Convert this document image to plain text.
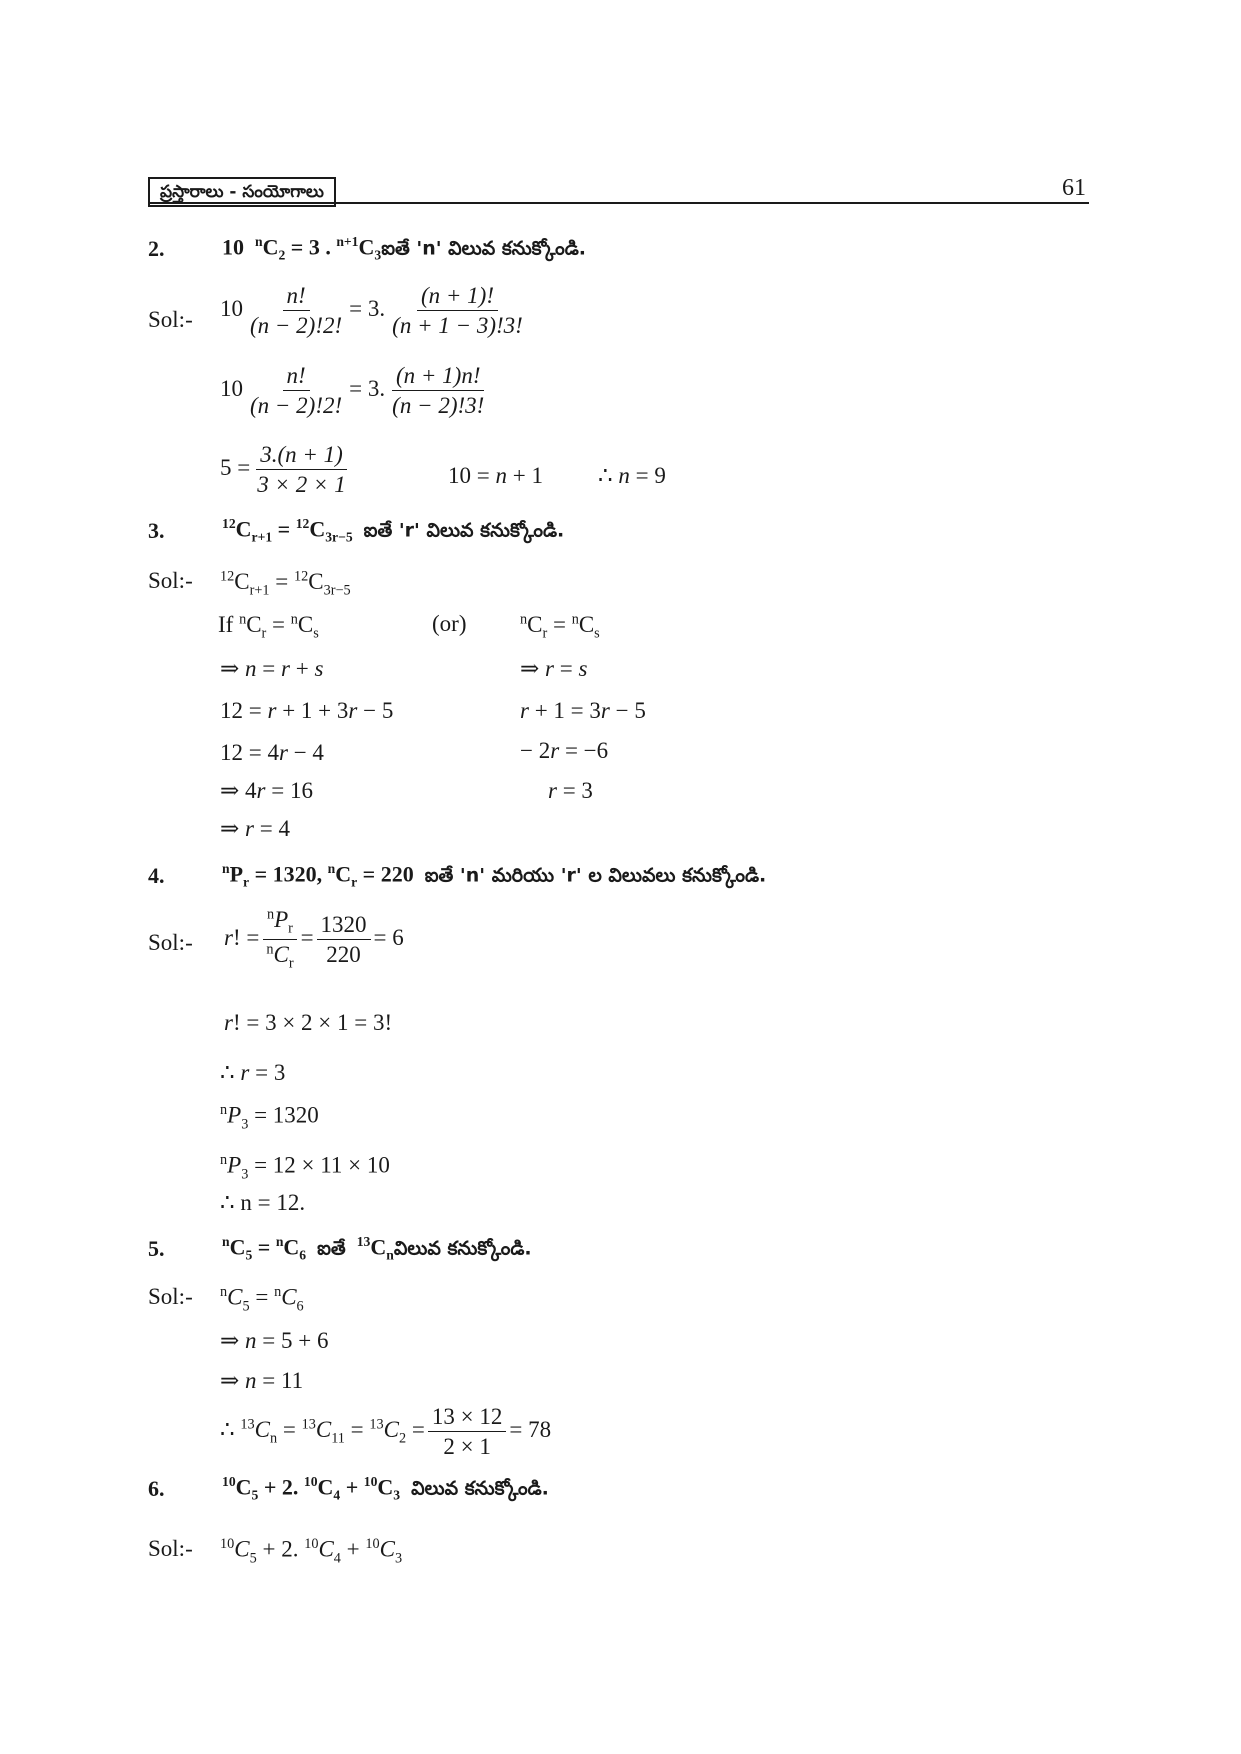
ప్రస్తారాలు - సంయోగాలు	61
2.	10  $^nC_2 = 3$ . $^{n+1}C_3ఐతే$ 'n' విలువ కనుక్కోండి.
Sol:- $10 \frac{n!}{(n - 2)!2!} = 3$. $\frac{(n + 1)!}{(n + 1 - 3)!3!}$
$10 \frac{n!}{(n - 2)!2!} = 3$. $\frac{(n + 1)n!}{(n - 2)!3!}$
$5 = \frac{3.(n + 1)}{3 \times 2 \times 1}$	10 = n + 1 ∴ n = 9
3.	$^{12}C_{r+1} = ^{12}C_{3r-5}$ ఐతే 'r' విలువ కనుక్కోండి.
Sol:- $^{12}C_{r+1} = ^{12}C_{3r-5}$
If $^nC_r = ^nC_s$	(or)	$^nC_r = ^nC_s$
⇒ n = r + s	⇒ r = s
12 = r + 1 + 3r − 5	r + 1 = 3r − 5
12 = 4r − 4	− 2r = −6
⇒ 4r = 16	r = 3
⇒ r = 4
4.	$^nP_r = 1320$, $^nC_r = 220$  ఐతే 'n' మరియు 'r' ల విలువలు కనుక్కోండి.
Sol:- r! = $\frac{^nP_r}{^nC_r} = \frac{1320}{220} = 6$
r! = 3 × 2 × 1 = 3!
∴ r = 3
$^nP_3 = 1320$
$^nP_3 = 12 \times 11 \times 10$
∴ n = 12.
5.	$^nC_5 = ^nC_6$ ఐతే $^{13}C_nవిలువ$ కనుక్కోండి.
Sol:- $^nC_5 = ^nC_6$
⇒ n = 5 + 6
⇒ n = 11
∴ $^{13}C_n = ^{13}C_{11} = ^{13}C_2 = \frac{13 \times 12}{2 \times 1} = 78$
6.	$^{10}C_5 + 2$. $^{10}C_4 + ^{10}C_3$ విలువ కనుక్కోండి.
Sol:- $^{10}C_5 + 2$. $^{10}C_4 + ^{10}C_3$
